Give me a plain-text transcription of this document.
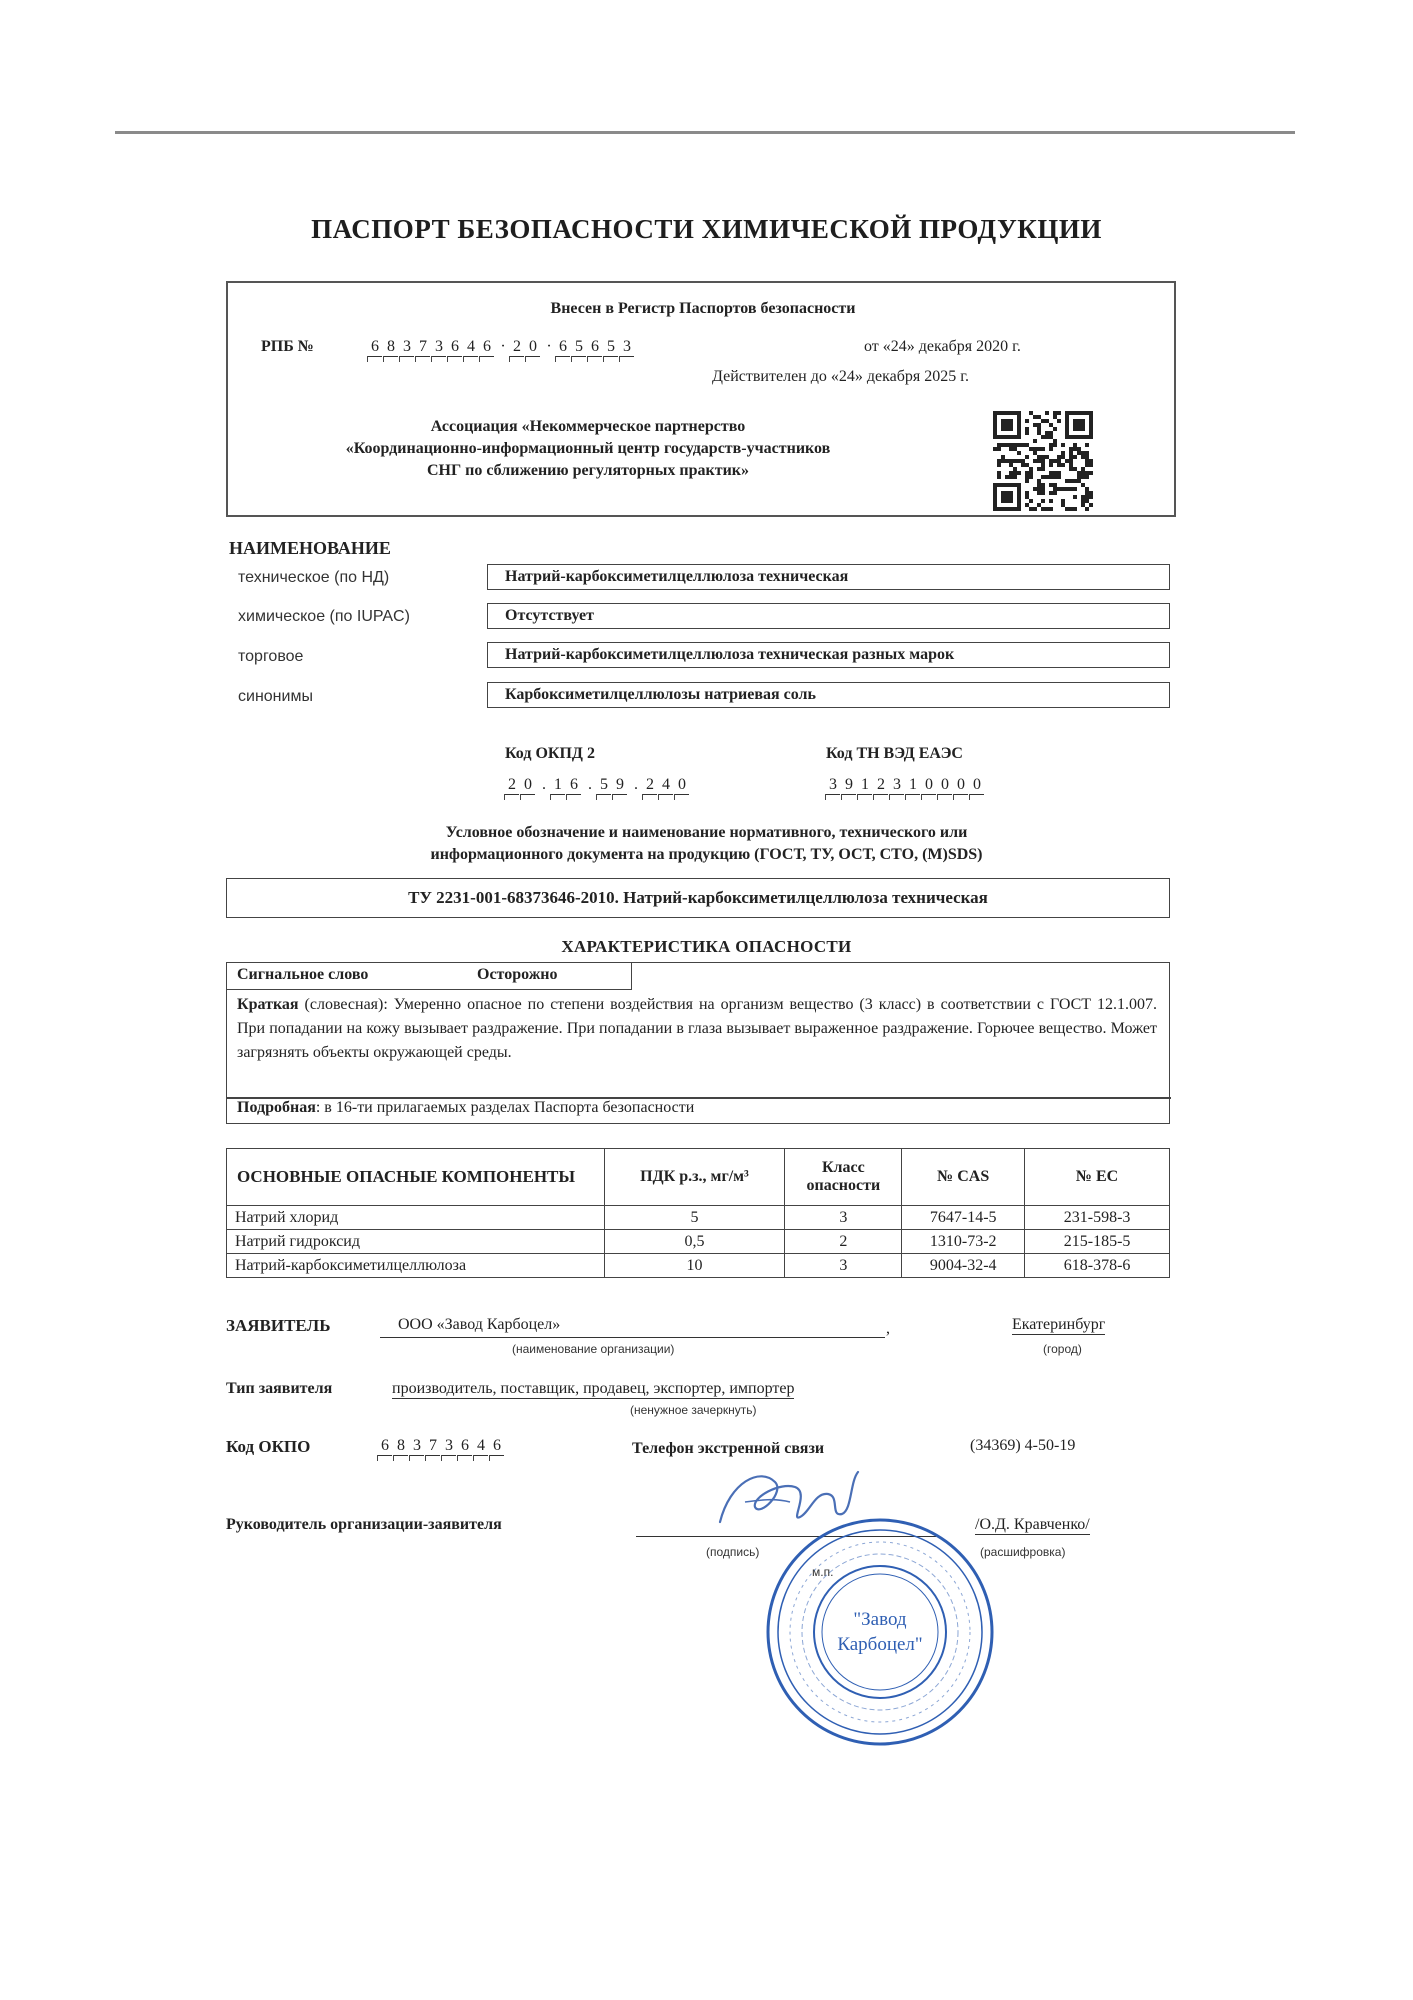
ПАСПОРТ БЕЗОПАСНОСТИ ХИМИЧЕСКОЙ ПРОДУКЦИИ
Внесен в Регистр Паспортов безопасности
РПБ №	6 8 3 7 3 6 4 6 · 2 0 · 6 5 6 5 3	от «24» декабря 2020 г.
Действителен до «24» декабря 2025 г.
Ассоциация «Некоммерческое партнерство
«Координационно-информационный центр государств-участников
СНГ по сближению регуляторных практик»
НАИМЕНОВАНИЕ
техническое (по НД)	Натрий-карбоксиметилцеллюлоза техническая
химическое (по IUPAC)	Отсутствует
торговое	Натрий-карбоксиметилцеллюлоза техническая разных марок
синонимы	Карбоксиметилцеллюлозы натриевая соль
Код ОКПД 2
2 0 . 1 6 . 5 9 . 2 4 0
Код ТН ВЭД ЕАЭС
3 9 1 2 3 1 0 0 0 0
Условное обозначение и наименование нормативного, технического или
информационного документа на продукцию (ГОСТ, ТУ, ОСТ, СТО, (М)SDS)
ТУ 2231-001-68373646-2010. Натрий-карбоксиметилцеллюлоза техническая
ХАРАКТЕРИСТИКА ОПАСНОСТИ
Сигнальное слово	Осторожно
Краткая (словесная): Умеренно опасное по степени воздействия на организм вещество (3 класс) в соответствии с ГОСТ 12.1.007. При попадании на кожу вызывает раздражение. При попадании в глаза вызывает выраженное раздражение. Горючее вещество. Может загрязнять объекты окружающей среды.
Подробная: в 16-ти прилагаемых разделах Паспорта безопасности
ОСНОВНЫЕ ОПАСНЫЕ КОМПОНЕНТЫ	ПДК р.з., мг/м³	Класс опасности	№ CAS	№ ЕС
Натрий хлорид	5	3	7647-14-5	231-598-3
Натрий гидроксид	0,5	2	1310-73-2	215-185-5
Натрий-карбоксиметилцеллюлоза	10	3	9004-32-4	618-378-6
ЗАЯВИТЕЛЬ	ООО «Завод Карбоцел»	,
(наименование организации)
Екатеринбург
(город)
Тип заявителя	производитель, поставщик, продавец, экспортер, импортер
(ненужное зачеркнуть)
Код ОКПО	6 8 3 7 3 6 4 6	Телефон экстренной связи	(34369) 4-50-19
Руководитель организации-заявителя
(подпись)
/О.Д. Кравченко/
(расшифровка)
м.п.
"Завод
Карбоцел"
